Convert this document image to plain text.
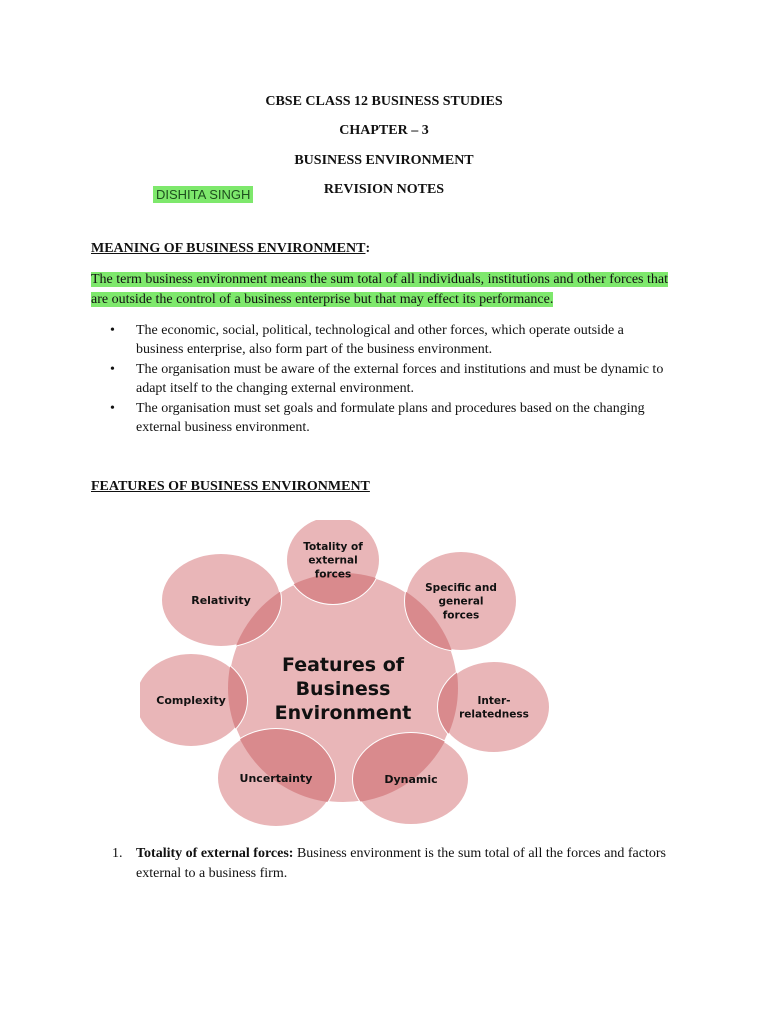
CBSE CLASS 12 BUSINESS STUDIES
CHAPTER – 3
BUSINESS ENVIRONMENT
REVISION NOTES
DISHITA SINGH
MEANING OF BUSINESS ENVIRONMENT:
The term business environment means the sum total of all individuals, institutions and other forces that are outside the control of a business enterprise but that may effect its performance.
• The economic, social, political, technological and other forces, which operate outside a business enterprise, also form part of the business environment.
• The organisation must be aware of the external forces and institutions and must be dynamic to adapt itself to the changing external environment.
• The organisation must set goals and formulate plans and procedures based on the changing external business environment.
FEATURES OF BUSINESS ENVIRONMENT
Features of Business Environment
Totality of external forces
Specific and general forces
Inter-relatedness
Dynamic
Uncertainty
Complexity
Relativity
1. Totality of external forces: Business environment is the sum total of all the forces and factors external to a business firm.
